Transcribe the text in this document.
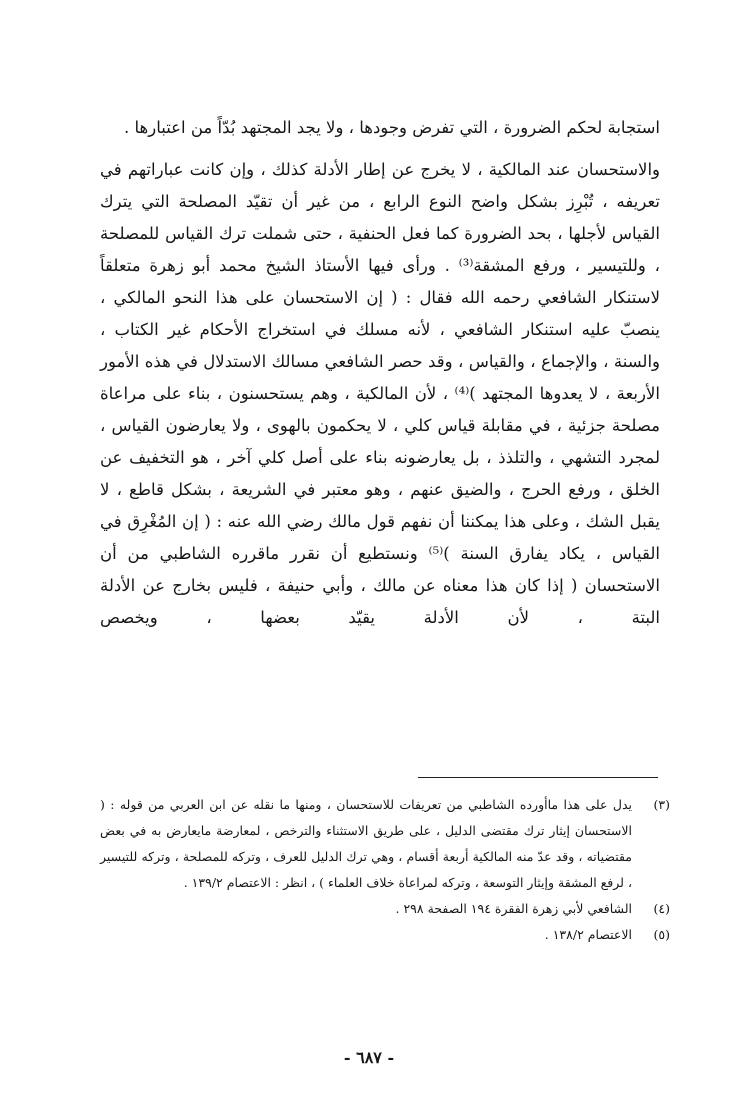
استجابة لحكم الضرورة ، التي تفرض وجودها ، ولا يجد المجتهد بُدّاً من اعتبارها .

والاستحسان عند المالكية ، لا يخرج عن إطار الأدلة كذلك ، وإن كانت عباراتهم في تعريفه ، تُبْرِز بشكل واضح النوع الرابع ، من غير أن تقيّد المصلحة التي يترك القياس لأجلها ، بحد الضرورة كما فعل الحنفية ، حتى شملت ترك القياس للمصلحة ، وللتيسير ، ورفع المشقة⁽³⁾ . ورأى فيها الأستاذ الشيخ محمد أبو زهرة متعلقاً لاستنكار الشافعي رحمه الله فقال : ( إن الاستحسان على هذا النحو المالكي ، ينصبّ عليه استنكار الشافعي ، لأنه مسلك في استخراج الأحكام غير الكتاب ، والسنة ، والإجماع ، والقياس ، وقد حصر الشافعي مسالك الاستدلال في هذه الأمور الأربعة ، لا يعدوها المجتهد )⁽⁴⁾ ، لأن المالكية ، وهم يستحسنون ، بناء على مراعاة مصلحة جزئية ، في مقابلة قياس كلي ، لا يحكمون بالهوى ، ولا يعارضون القياس ، لمجرد التشهي ، والتلذذ ، بل يعارضونه بناء على أصل كلي آخر ، هو التخفيف عن الخلق ، ورفع الحرج ، والضيق عنهم ، وهو معتبر في الشريعة ، بشكل قاطع ، لا يقبل الشك ، وعلى هذا يمكننا أن نفهم قول مالك رضي الله عنه : ( إن المُغْرِق في القياس ، يكاد يفارق السنة )⁽⁵⁾ ونستطيع أن نقرر ماقرره الشاطبي من أن الاستحسان ( إذا كان هذا معناه عن مالك ، وأبي حنيفة ، فليس بخارج عن الأدلة البتة ، لأن الأدلة يقيّد بعضها ، ويخصص

(٣)
يدل على هذا ماأورده الشاطبي من تعريفات للاستحسان ، ومنها ما نقله عن ابن العربي من قوله : ( الاستحسان إيثار ترك مقتضى الدليل ، على طريق الاستثناء والترخص ، لمعارضة مايعارض به في بعض مقتضياته ، وقد عدّ منه المالكية أربعة أقسام ، وهي ترك الدليل للعرف ، وتركه للمصلحة ، وتركه للتيسير ، لرفع المشقة وإيثار التوسعة ، وتركه لمراعاة خلاف العلماء ) ، انظر : الاعتصام ١٣٩/٢ .
(٤)
الشافعي لأبي زهرة الفقرة ١٩٤ الصفحة ٢٩٨ .
(٥)
الاعتصام ١٣٨/٢ .
- ٦٨٧ -
